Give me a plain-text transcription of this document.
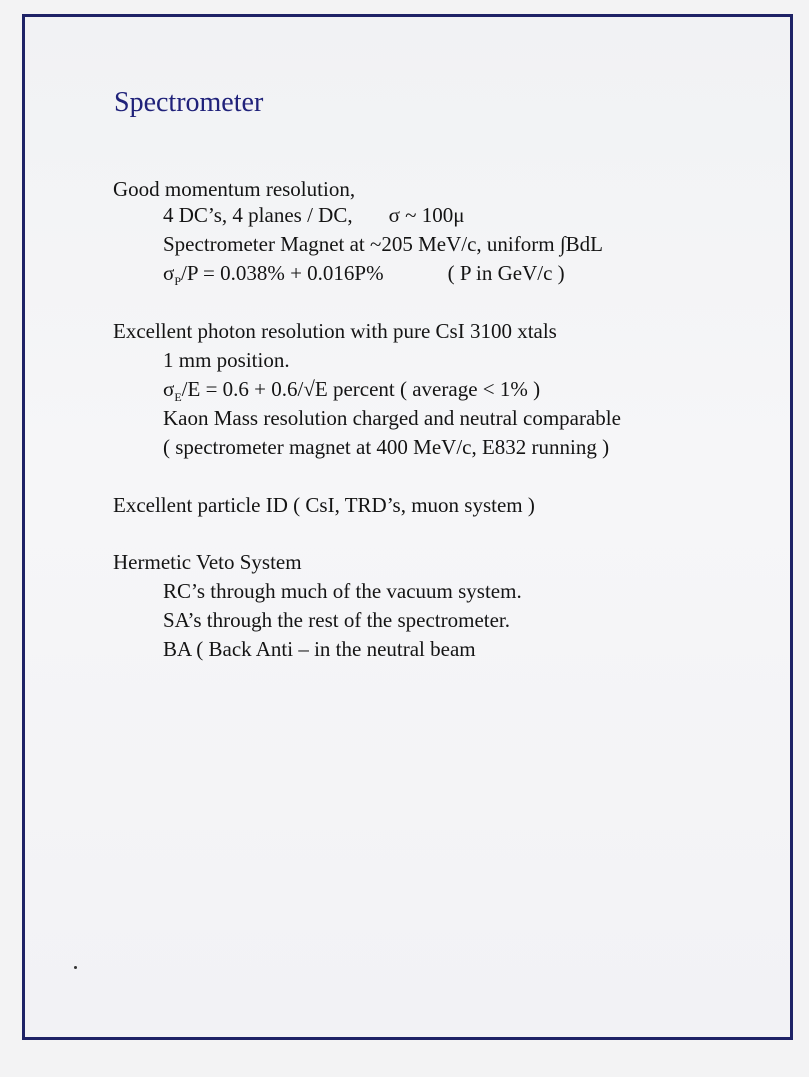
Spectrometer
Good momentum resolution,
4 DC’s, 4 planes / DC, σ ~ 100μ
Spectrometer Magnet at ~205 MeV/c, uniform ∫BdL
$\sigma_P/P = 0.038\% + 0.016P\%$	( P in GeV/c )
Excellent photon resolution with pure CsI 3100 xtals
1 mm position.
$\sigma_E/E = 0.6 + 0.6/√E$ percent ( average < 1% )
Kaon Mass resolution charged and neutral comparable
( spectrometer magnet at 400 MeV/c, E832 running )
Excellent particle ID ( CsI, TRD’s, muon system )
Hermetic Veto System
RC’s through much of the vacuum system.
SA’s through the rest of the spectrometer.
BA ( Back Anti – in the neutral beam
